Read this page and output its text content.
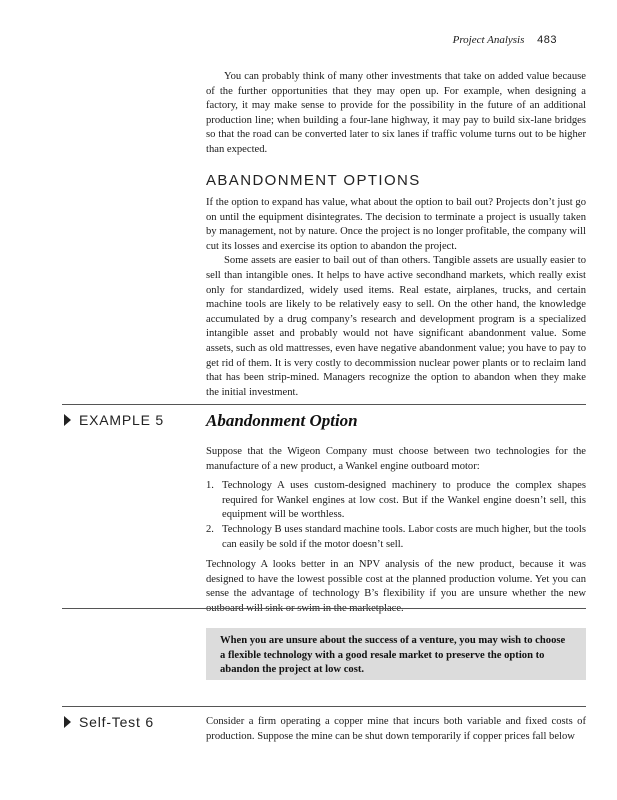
Project Analysis 483

You can probably think of many other investments that take on added value because of the further opportunities that they may open up. For example, when designing a factory, it may make sense to provide for the possibility in the future of an additional production line; when building a four-lane highway, it may pay to build six-lane bridges so that the road can be converted later to six lanes if traffic volume turns out to be higher than expected.

ABANDONMENT OPTIONS

If the option to expand has value, what about the option to bail out? Projects don’t just go on until the equipment disintegrates. The decision to terminate a project is usually taken by management, not by nature. Once the project is no longer profitable, the company will cut its losses and exercise its option to abandon the project.

Some assets are easier to bail out of than others. Tangible assets are usually easier to sell than intangible ones. It helps to have active secondhand markets, which really exist only for standardized, widely used items. Real estate, airplanes, trucks, and certain machine tools are likely to be relatively easy to sell. On the other hand, the knowledge accumulated by a drug company’s research and development program is a specialized intangible asset and probably would not have significant abandonment value. Some assets, such as old mattresses, even have negative abandonment value; you have to pay to get rid of them. It is very costly to decommission nuclear power plants or to reclaim land that has been strip-mined. Managers recognize the option to abandon when they make the initial investment.

EXAMPLE 5 Abandonment Option

Suppose that the Wigeon Company must choose between two technologies for the manufacture of a new product, a Wankel engine outboard motor:

1. Technology A uses custom-designed machinery to produce the complex shapes required for Wankel engines at low cost. But if the Wankel engine doesn’t sell, this equipment will be worthless.
2. Technology B uses standard machine tools. Labor costs are much higher, but the tools can easily be sold if the motor doesn’t sell.

Technology A looks better in an NPV analysis of the new product, because it was designed to have the lowest possible cost at the planned production volume. Yet you can sense the advantage of technology B’s flexibility if you are unsure whether the new outboard will sink or swim in the marketplace.

When you are unsure about the success of a venture, you may wish to choose a flexible technology with a good resale market to preserve the option to abandon the project at low cost.
Self-Test 6	Consider a firm operating a copper mine that incurs both variable and fixed costs of production. Suppose the mine can be shut down temporarily if copper prices fall below
